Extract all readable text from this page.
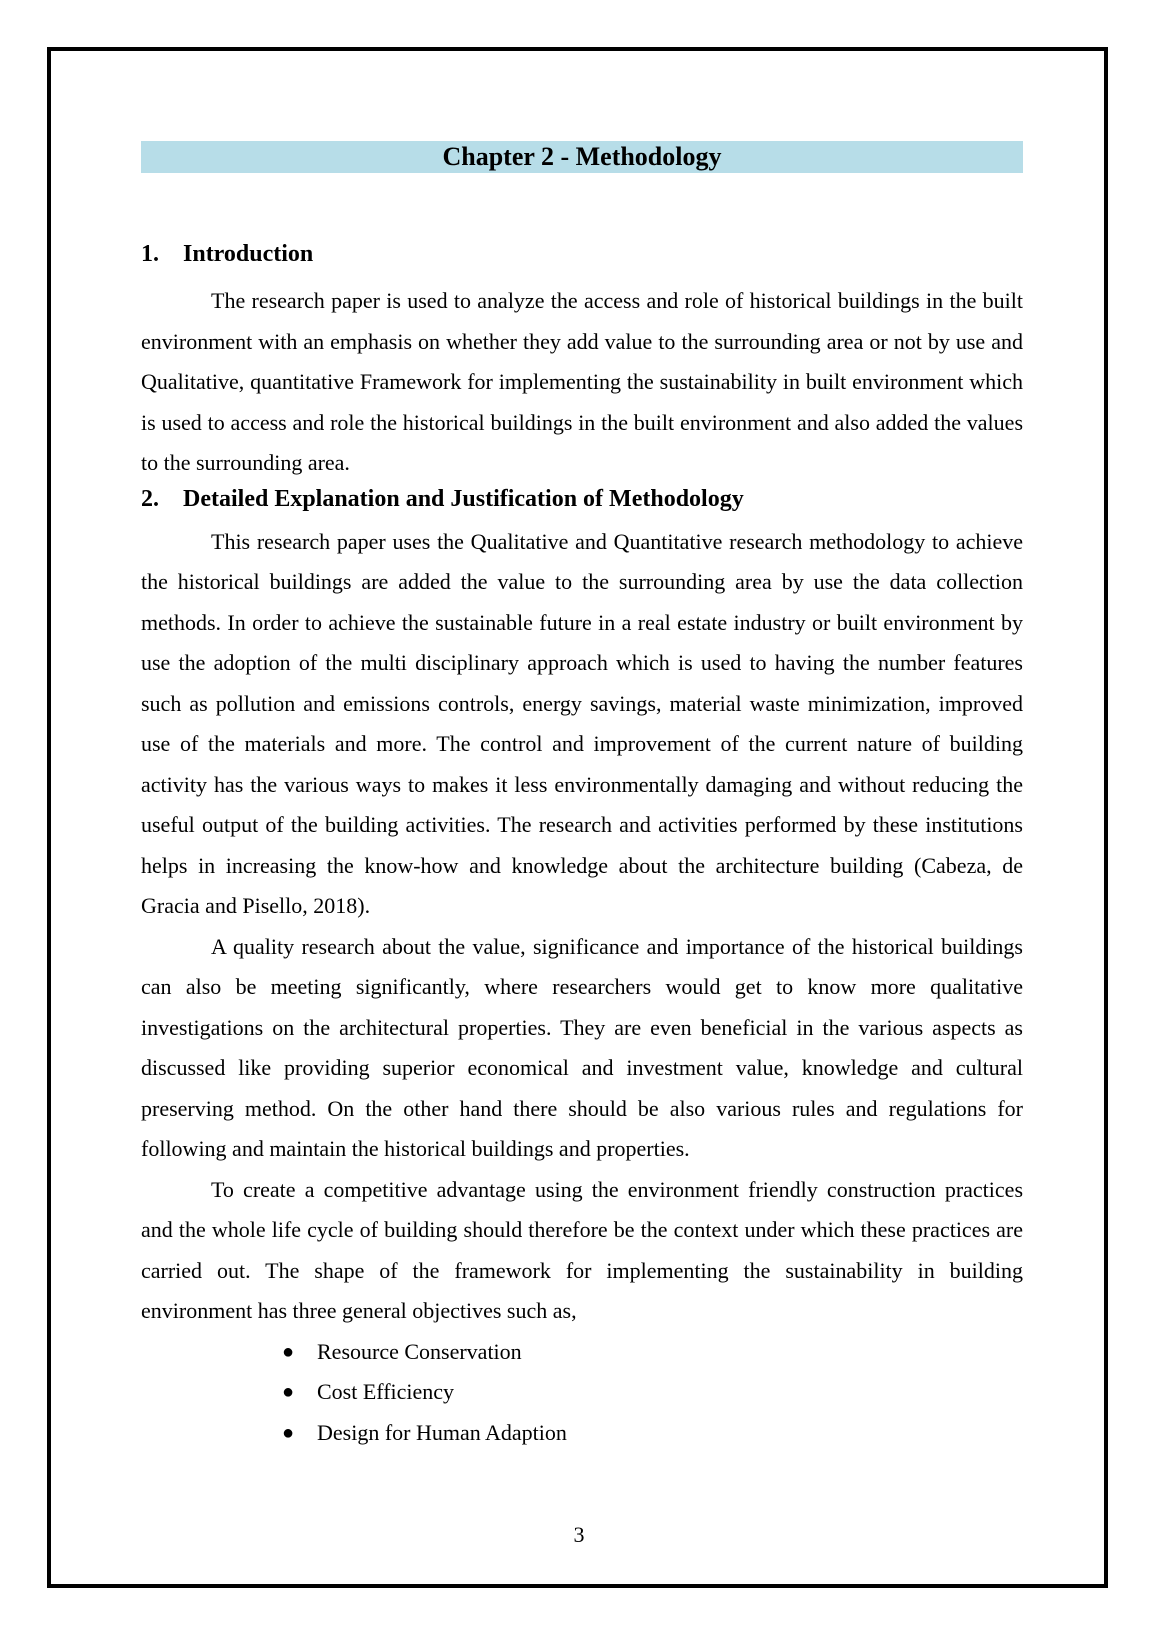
Chapter 2 - Methodology
1.	Introduction

The research paper is used to analyze the access and role of historical buildings in the built environment with an emphasis on whether they add value to the surrounding area or not by use and Qualitative, quantitative Framework for implementing the sustainability in built environment which is used to access and role the historical buildings in the built environment and also added the values to the surrounding area.

2.	Detailed Explanation and Justification of Methodology

This research paper uses the Qualitative and Quantitative research methodology to achieve the historical buildings are added the value to the surrounding area by use the data collection methods. In order to achieve the sustainable future in a real estate industry or built environment by use the adoption of the multi disciplinary approach which is used to having the number features such as pollution and emissions controls, energy savings, material waste minimization, improved use of the materials and more. The control and improvement of the current nature of building activity has the various ways to makes it less environmentally damaging and without reducing the useful output of the building activities. The research and activities performed by these institutions helps in increasing the know-how and knowledge about the architecture building (Cabeza, de Gracia and Pisello, 2018).

A quality research about the value, significance and importance of the historical buildings can also be meeting significantly, where researchers would get to know more qualitative investigations on the architectural properties. They are even beneficial in the various aspects as discussed like providing superior economical and investment value, knowledge and cultural preserving method. On the other hand there should be also various rules and regulations for following and maintain the historical buildings and properties.

To create a competitive advantage using the environment friendly construction practices and the whole life cycle of building should therefore be the context under which these practices are carried out. The shape of the framework for implementing the sustainability in building environment has three general objectives such as,

● Resource Conservation
● Cost Efficiency
● Design for Human Adaption
3
